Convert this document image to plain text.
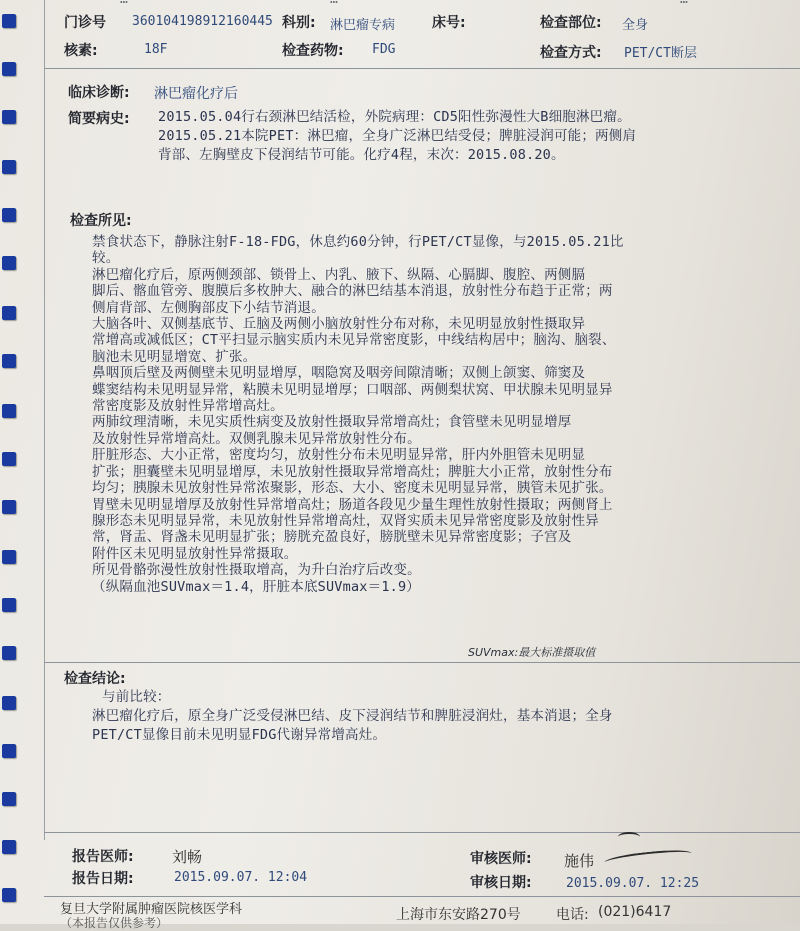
门诊号 360104198912160445 科别: 淋巴瘤专病	床号:	检查部位: 全身
核素:	18F	检查药物: FDG	检查方式: PET/CT断层
临床诊断: 淋巴瘤化疗后
简要病史: 2015.05.04行右颈淋巴结活检，外院病理：CD5阳性弥漫性大B细胞淋巴瘤。
2015.05.21本院PET：淋巴瘤，全身广泛淋巴结受侵；脾脏浸润可能；两侧肩
背部、左胸壁皮下侵润结节可能。化疗4程，末次：2015.08.20。
检查所见:
禁食状态下，静脉注射F-18-FDG，休息约60分钟，行PET/CT显像，与2015.05.21比
较。
淋巴瘤化疗后，原两侧颈部、锁骨上、内乳、腋下、纵隔、心膈脚、腹腔、两侧膈
脚后、髂血管旁、腹膜后多枚肿大、融合的淋巴结基本消退，放射性分布趋于正常；两
侧肩背部、左侧胸部皮下小结节消退。
大脑各叶、双侧基底节、丘脑及两侧小脑放射性分布对称，未见明显放射性摄取异
常增高或减低区；CT平扫显示脑实质内未见异常密度影，中线结构居中；脑沟、脑裂、
脑池未见明显增宽、扩张。
鼻咽顶后壁及两侧壁未见明显增厚，咽隐窝及咽旁间隙清晰；双侧上颌窦、筛窦及
蝶窦结构未见明显异常，粘膜未见明显增厚；口咽部、两侧梨状窝、甲状腺未见明显异
常密度影及放射性异常增高灶。
两肺纹理清晰，未见实质性病变及放射性摄取异常增高灶；食管壁未见明显增厚
及放射性异常增高灶。双侧乳腺未见异常放射性分布。
肝脏形态、大小正常，密度均匀，放射性分布未见明显异常，肝内外胆管未见明显
扩张；胆囊壁未见明显增厚，未见放射性摄取异常增高灶；脾脏大小正常，放射性分布
均匀；胰腺未见放射性异常浓聚影，形态、大小、密度未见明显异常，胰管未见扩张。
胃壁未见明显增厚及放射性异常增高灶；肠道各段见少量生理性放射性摄取；两侧肾上
腺形态未见明显异常，未见放射性异常增高灶，双肾实质未见异常密度影及放射性异
常，肾盂、肾盏未见明显扩张；膀胱充盈良好，膀胱壁未见异常密度影；子宫及
附件区未见明显放射性异常摄取。
所见骨骼弥漫性放射性摄取增高，为升白治疗后改变。
（纵隔血池SUVmax＝1.4，肝脏本底SUVmax＝1.9）
SUVmax:最大标准摄取值
检查结论:
与前比较：
淋巴瘤化疗后，原全身广泛受侵淋巴结、皮下浸润结节和脾脏浸润灶，基本消退；全身
PET/CT显像目前未见明显FDG代谢异常增高灶。
报告医师:	刘畅
报告日期:	2015.09.07. 12:04
审核医师: 施伟
审核日期:	2015.09.07. 12:25
复旦大学附属肿瘤医院核医学科
（本报告仅供参考）	上海市东安路270号	电话: (021)6417
